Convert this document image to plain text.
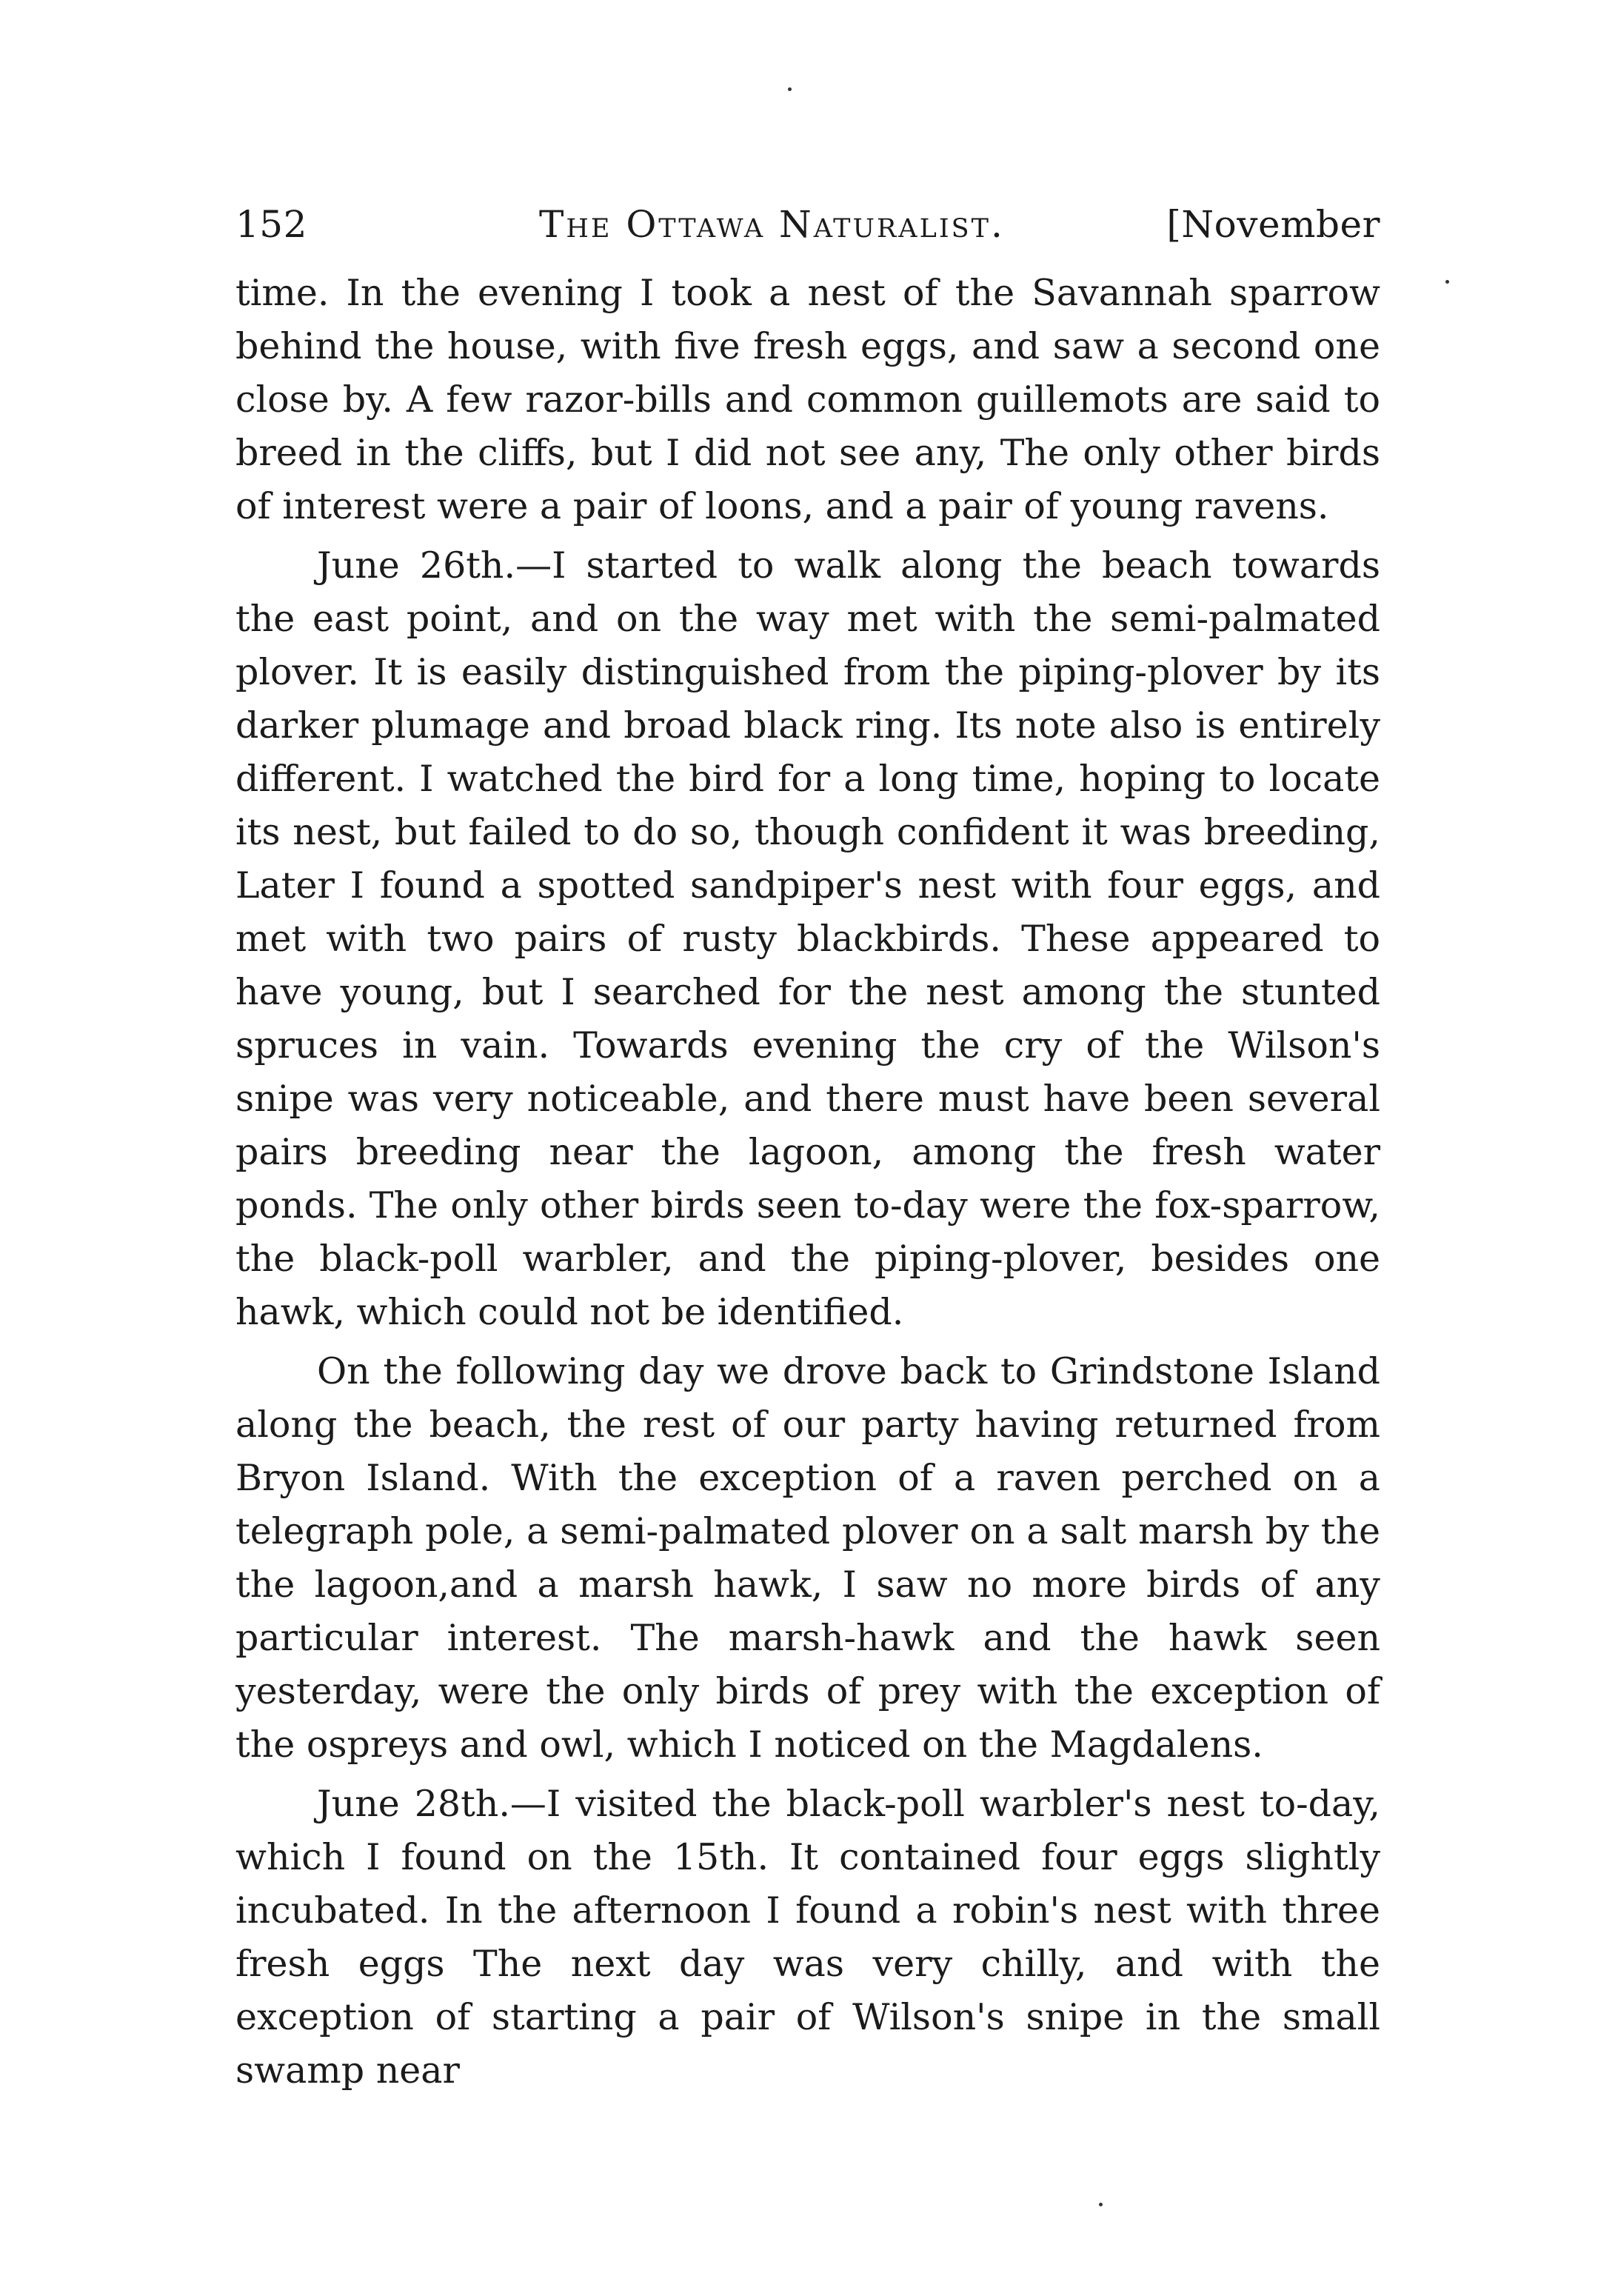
152	The Ottawa Naturalist.	[November

time. In the evening I took a nest of the Savannah sparrow behind the house, with five fresh eggs, and saw a second one close by. A few razor-bills and common guillemots are said to breed in the cliffs, but I did not see any, The only other birds of interest were a pair of loons, and a pair of young ravens.

June 26th.—I started to walk along the beach towards the east point, and on the way met with the semi-palmated plover. It is easily distinguished from the piping-plover by its darker plumage and broad black ring. Its note also is entirely different. I watched the bird for a long time, hoping to locate its nest, but failed to do so, though confident it was breeding, Later I found a spotted sandpiper's nest with four eggs, and met with two pairs of rusty blackbirds. These appeared to have young, but I searched for the nest among the stunted spruces in vain. Towards evening the cry of the Wilson's snipe was very noticeable, and there must have been several pairs breeding near the lagoon, among the fresh water ponds. The only other birds seen to-day were the fox-sparrow, the black-poll warbler, and the piping-plover, besides one hawk, which could not be identified.

On the following day we drove back to Grindstone Island along the beach, the rest of our party having returned from Bryon Island. With the exception of a raven perched on a telegraph pole, a semi-palmated plover on a salt marsh by the the lagoon,and a marsh hawk, I saw no more birds of any particular interest. The marsh-hawk and the hawk seen yesterday, were the only birds of prey with the exception of the ospreys and owl, which I noticed on the Magdalens.

June 28th.—I visited the black-poll warbler's nest to-day, which I found on the 15th. It contained four eggs slightly incubated. In the afternoon I found a robin's nest with three fresh eggs The next day was very chilly, and with the exception of starting a pair of Wilson's snipe in the small swamp near
